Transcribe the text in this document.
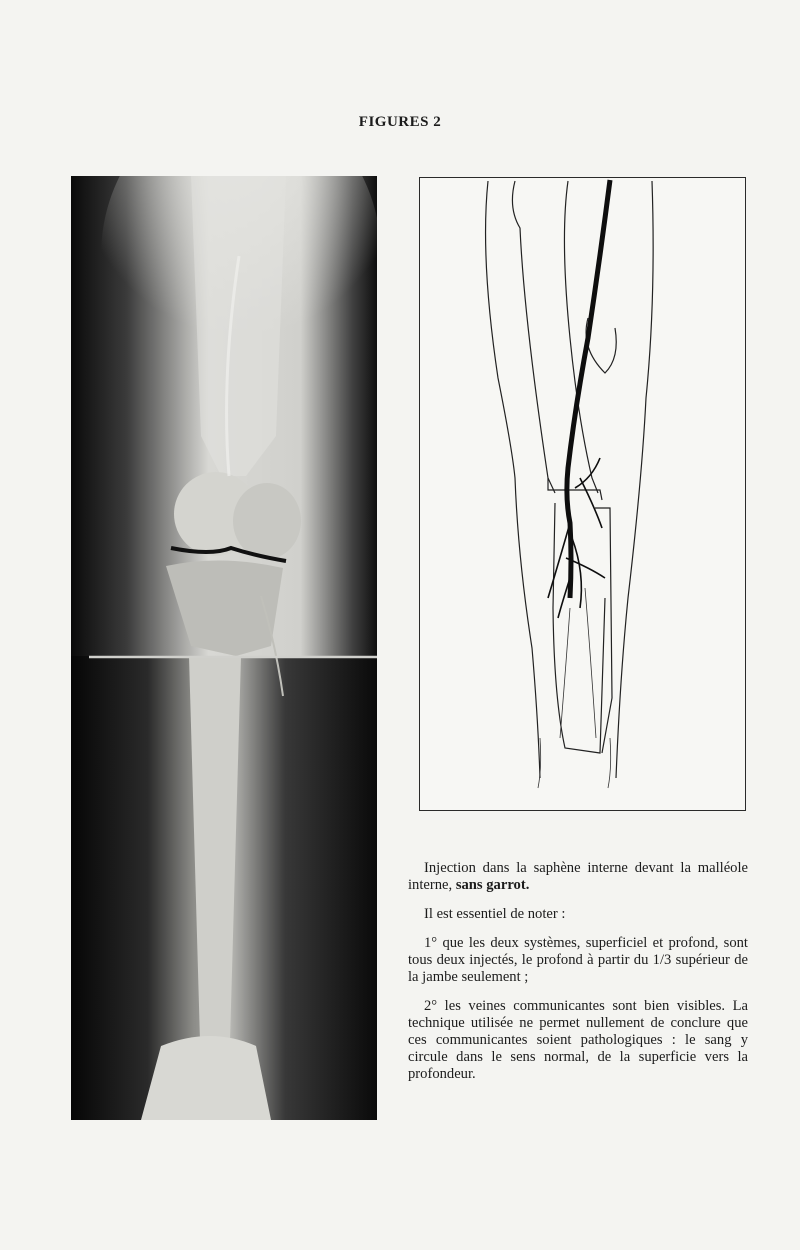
FIGURES 2

Injection dans la saphène interne devant la malléole interne, sans garrot.

Il est essentiel de noter :

1° que les deux systèmes, superficiel et profond, sont tous deux injectés, le profond à partir du 1/3 supérieur de la jambe seulement ;

2° les veines communicantes sont bien visibles. La technique utilisée ne permet nullement de conclure que ces communicantes soient pathologiques : le sang y circule dans le sens normal, de la superficie vers la profondeur.
